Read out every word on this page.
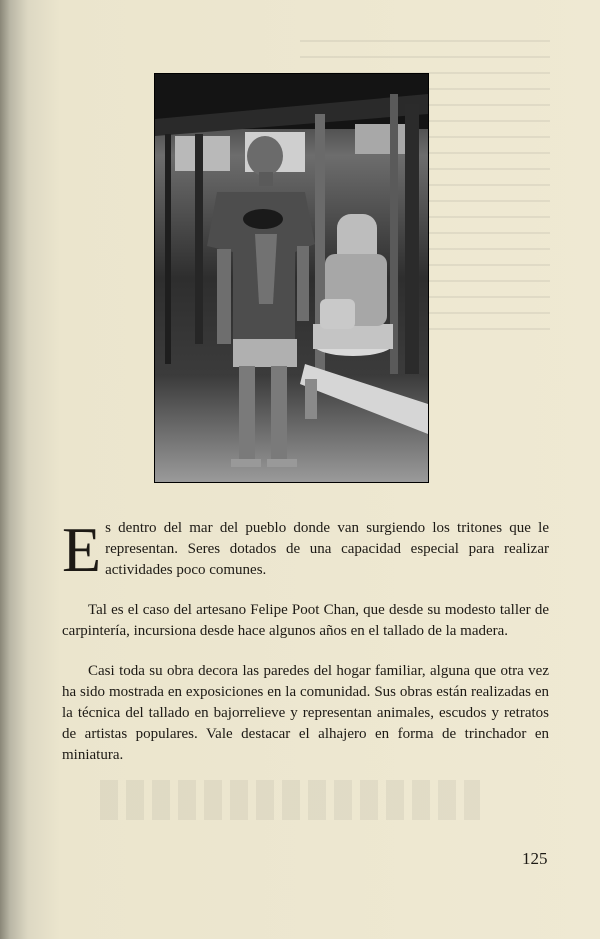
Es dentro del mar del pueblo donde van surgiendo los tritones que le representan. Seres dotados de una capacidad especial para realizar actividades poco comunes.

Tal es el caso del artesano Felipe Poot Chan, que desde su modesto taller de carpintería, incursiona desde hace algunos años en el tallado de la madera.

Casi toda su obra decora las paredes del hogar familiar, alguna que otra vez ha sido mostrada en exposiciones en la comunidad. Sus obras están realizadas en la técnica del tallado en bajorrelieve y representan animales, escudos y retratos de artistas populares. Vale destacar el alhajero en forma de trinchador en miniatura.

125
